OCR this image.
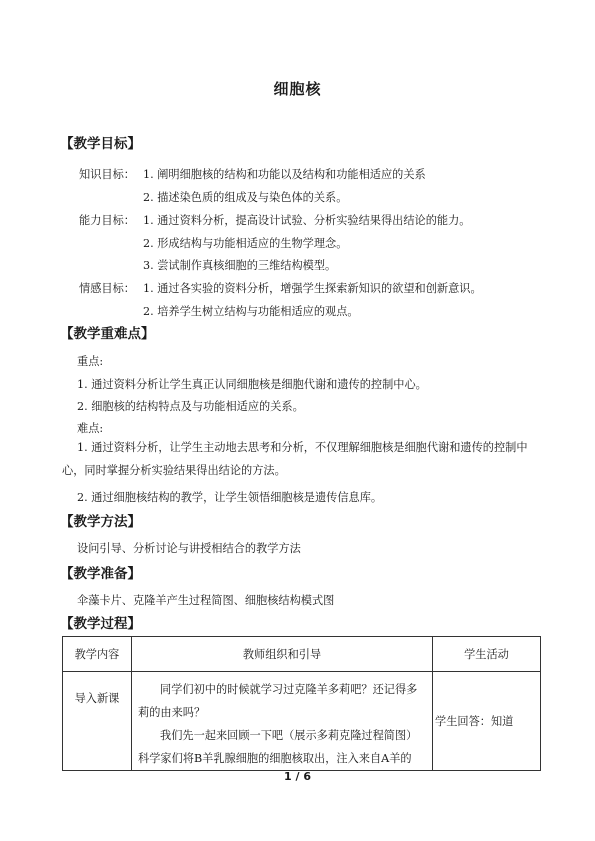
细胞核
【教学目标】
知识目标： 1. 阐明细胞核的结构和功能以及结构和功能相适应的关系
2. 描述染色质的组成及与染色体的关系。
能力目标： 1. 通过资料分析，提高设计试验、分析实验结果得出结论的能力。
2. 形成结构与功能相适应的生物学理念。
3. 尝试制作真核细胞的三维结构模型。
情感目标： 1. 通过各实验的资料分析，增强学生探索新知识的欲望和创新意识。
2. 培养学生树立结构与功能相适应的观点。
【教学重难点】
重点:
1. 通过资料分析让学生真正认同细胞核是细胞代谢和遗传的控制中心。
2. 细胞核的结构特点及与功能相适应的关系。
难点:
1. 通过资料分析，让学生主动地去思考和分析，不仅理解细胞核是细胞代谢和遗传的控制中心，同时掌握分析实验结果得出结论的方法。
2. 通过细胞核结构的教学，让学生领悟细胞核是遗传信息库。
【教学方法】
设问引导、分析讨论与讲授相结合的教学方法
【教学准备】
伞藻卡片、克隆羊产生过程简图、细胞核结构模式图
【教学过程】
教学内容	教师组织和引导	学生活动
导入新课	同学们初中的时候就学习过克隆羊多莉吧？还记得多莉的由来吗？
我们先一起来回顾一下吧（展示多莉克隆过程简图）
科学家们将B羊乳腺细胞的细胞核取出，注入来自A羊的	学生回答：知道
1 / 6
